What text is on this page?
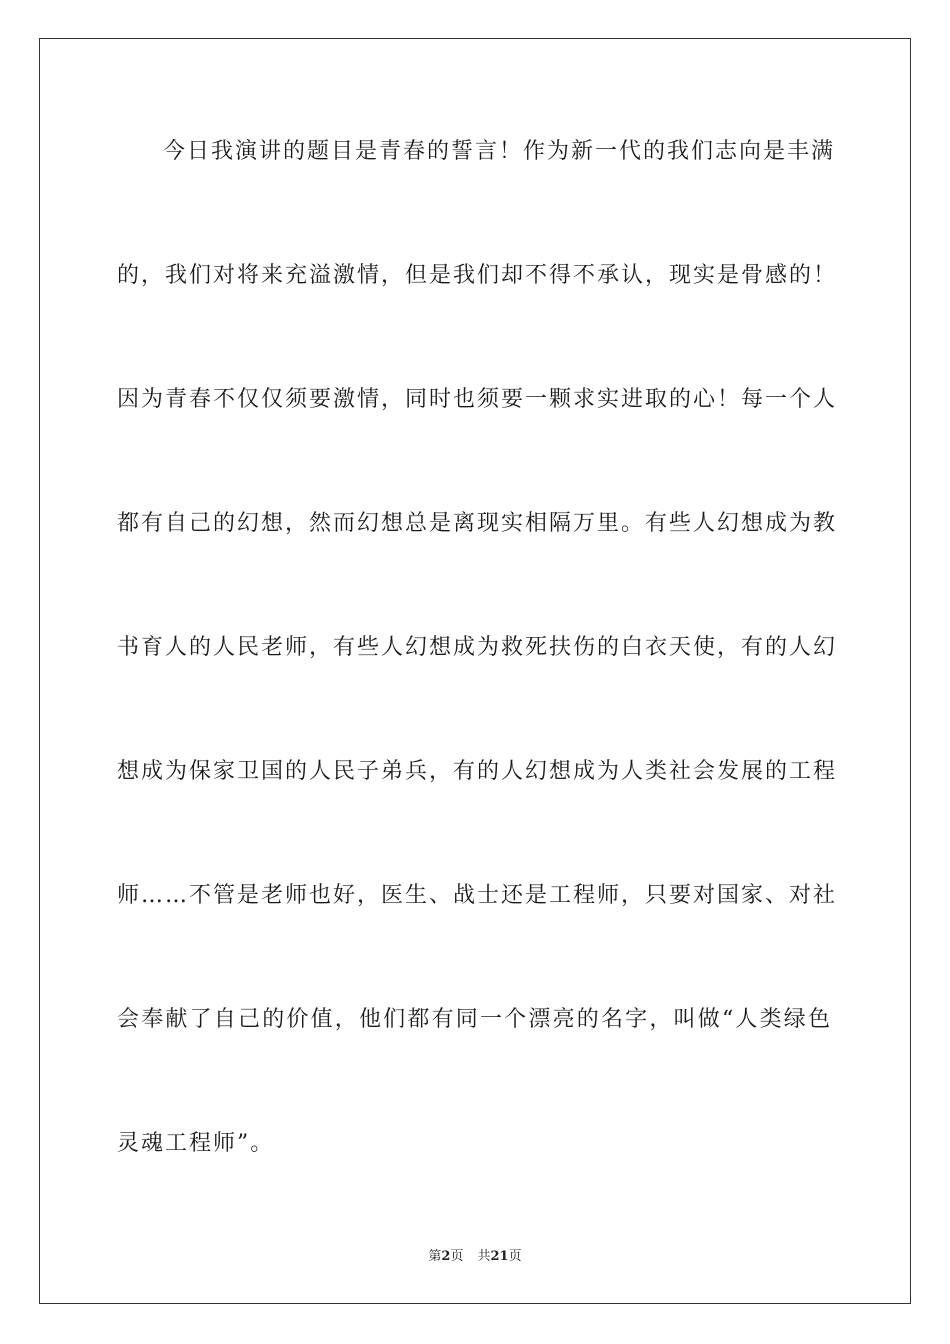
今日我演讲的题目是青春的誓言！作为新一代的我们志向是丰满
的，我们对将来充溢激情，但是我们却不得不承认，现实是骨感的！
因为青春不仅仅须要激情，同时也须要一颗求实进取的心！每一个人
都有自己的幻想，然而幻想总是离现实相隔万里。有些人幻想成为教
书育人的人民老师，有些人幻想成为救死扶伤的白衣天使，有的人幻
想成为保家卫国的人民子弟兵，有的人幻想成为人类社会发展的工程
师……不管是老师也好，医生、战士还是工程师，只要对国家、对社
会奉献了自己的价值，他们都有同一个漂亮的名字，叫做“人类绿色
灵魂工程师”。
第2页 共21页
